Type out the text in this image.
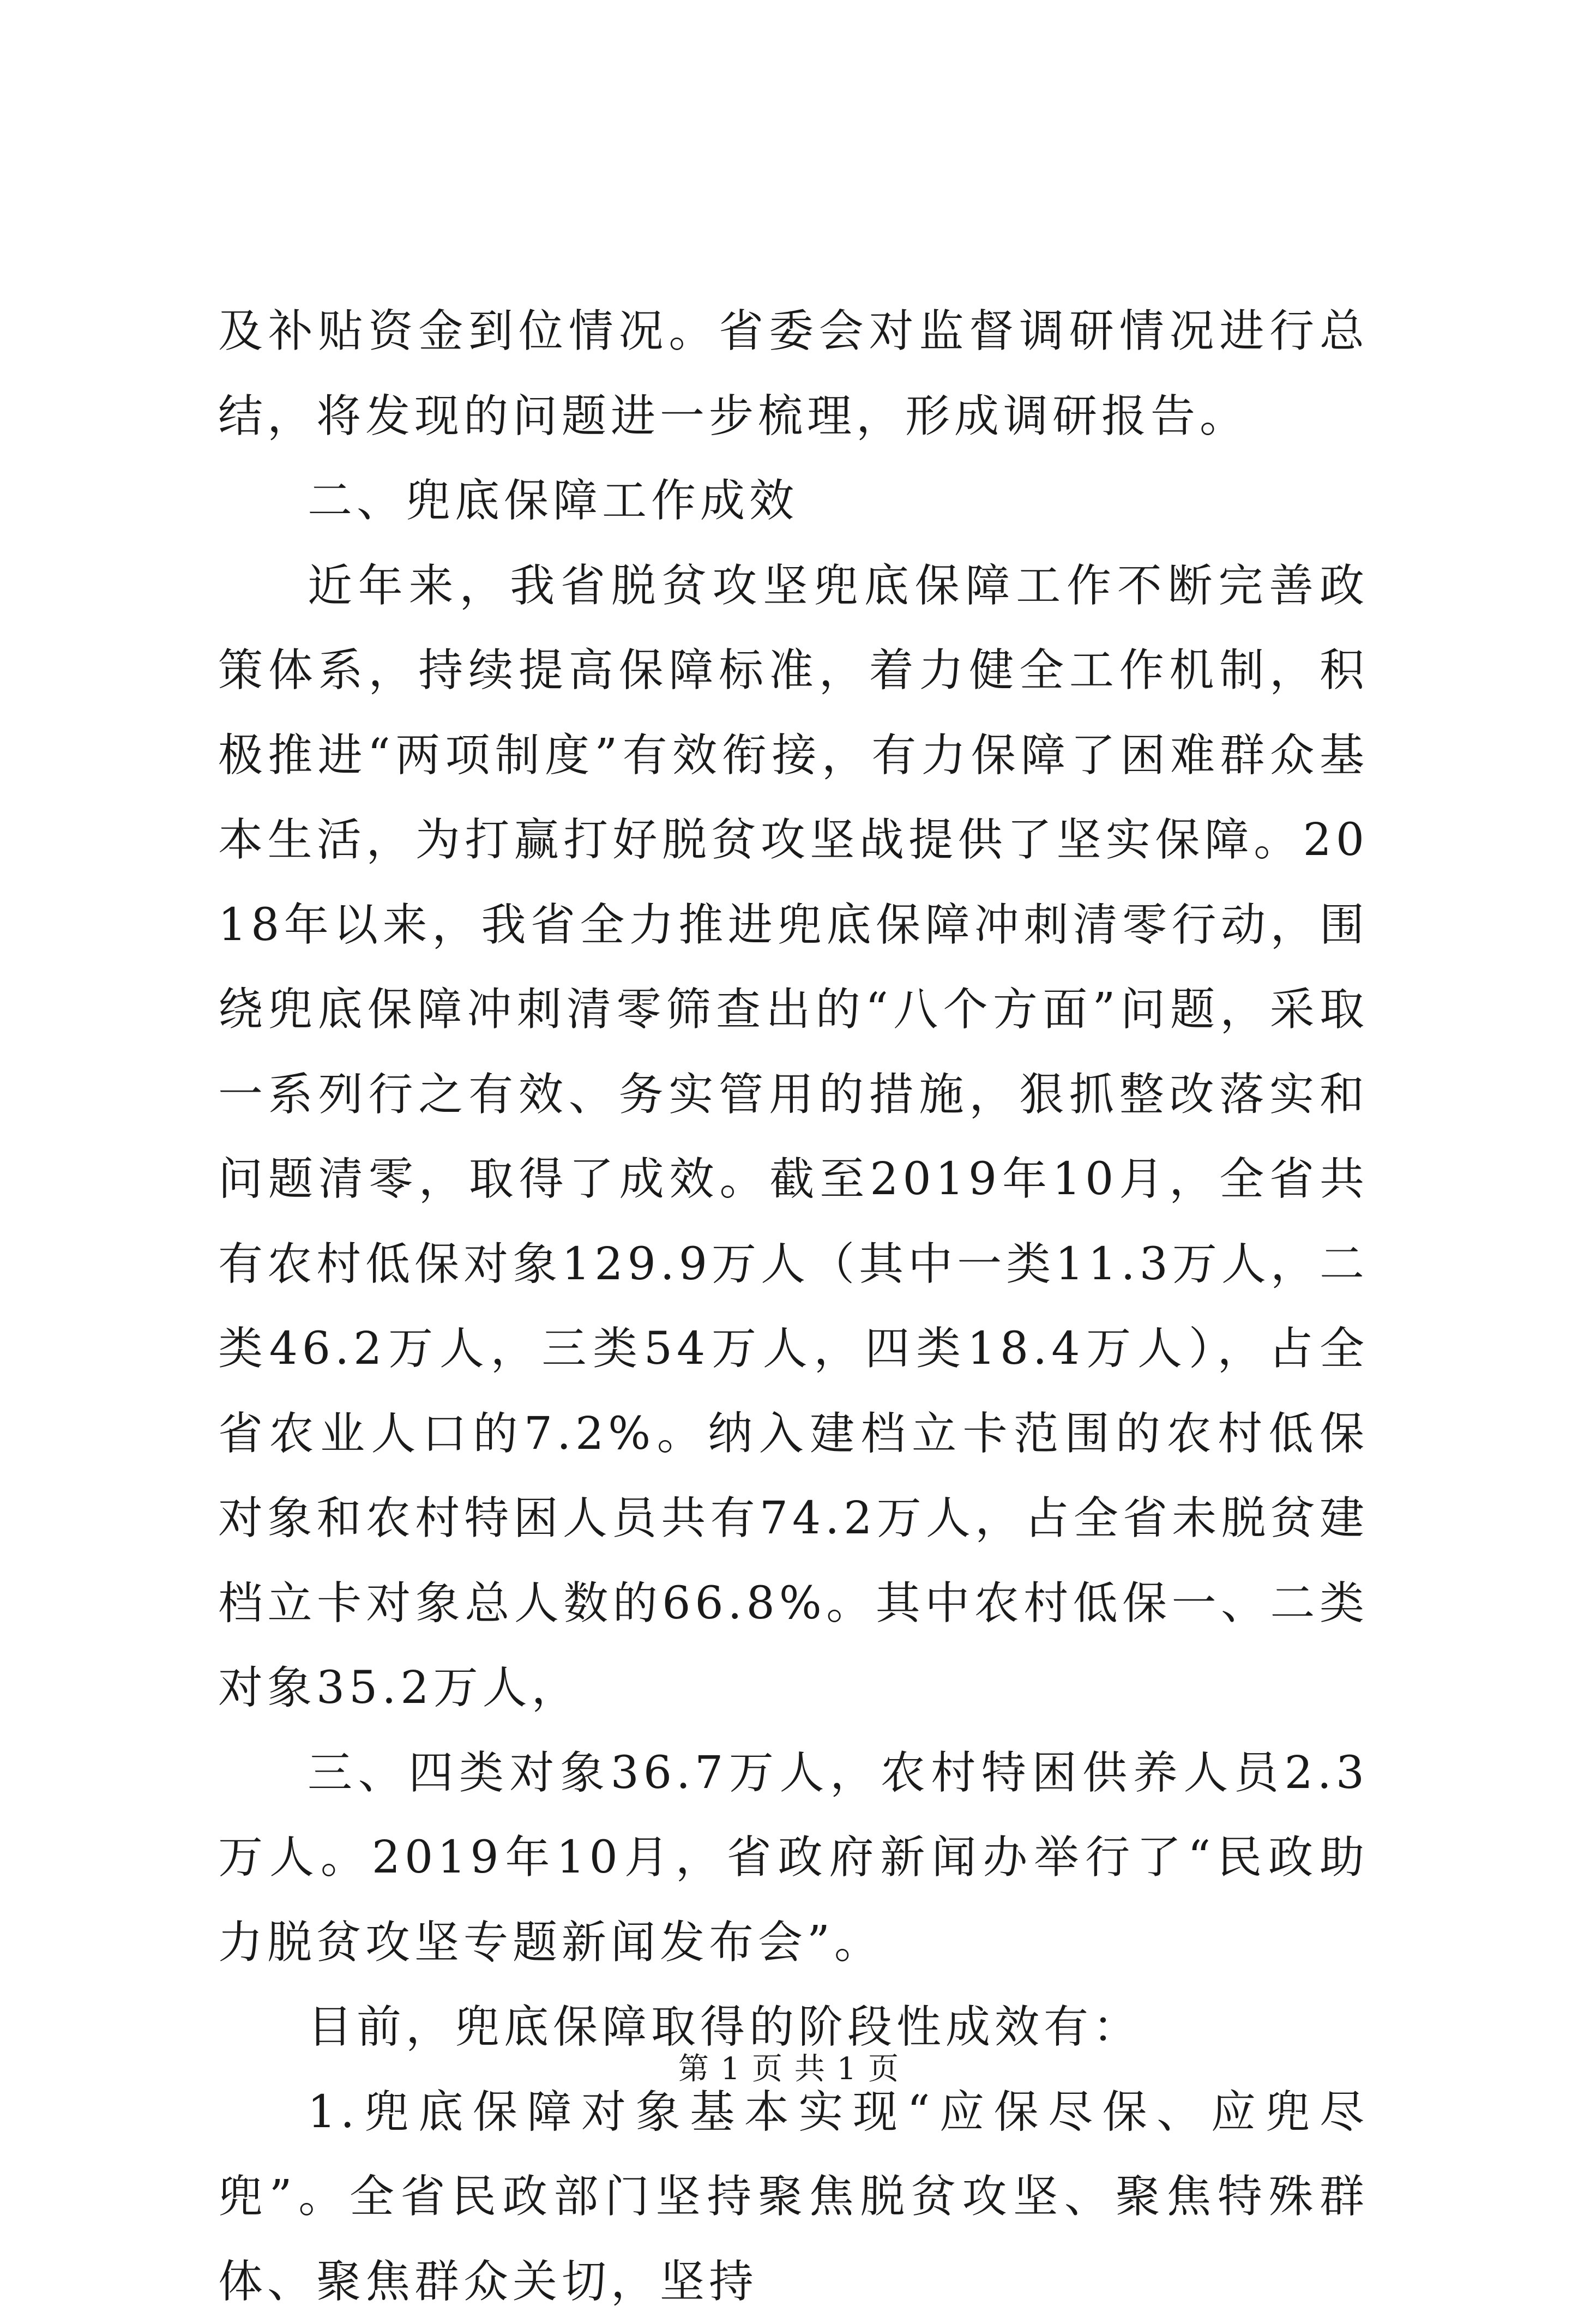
及补贴资金到位情况。省委会对监督调研情况进行总结，将发现的问题进一步梳理，形成调研报告。

二、兜底保障工作成效

近年来，我省脱贫攻坚兜底保障工作不断完善政策体系，持续提高保障标准，着力健全工作机制，积极推进“两项制度”有效衔接，有力保障了困难群众基本生活，为打赢打好脱贫攻坚战提供了坚实保障。2018年以来，我省全力推进兜底保障冲刺清零行动，围绕兜底保障冲刺清零筛查出的“八个方面”问题，采取一系列行之有效、务实管用的措施，狠抓整改落实和问题清零，取得了成效。截至2019年10月，全省共有农村低保对象129.9万人（其中一类11.3万人，二类46.2万人，三类54万人，四类18.4万人），占全省农业人口的7.2%。纳入建档立卡范围的农村低保对象和农村特困人员共有74.2万人，占全省未脱贫建档立卡对象总人数的66.8%。其中农村低保一、二类对象35.2万人，

三、四类对象36.7万人，农村特困供养人员2.3万人。2019年10月，省政府新闻办举行了“民政助力脱贫攻坚专题新闻发布会”。

目前，兜底保障取得的阶段性成效有：

1.兜底保障对象基本实现“应保尽保、应兜尽兜”。全省民政部门坚持聚焦脱贫攻坚、聚焦特殊群体、聚焦群众关切，坚持

第 1 页 共 1 页
